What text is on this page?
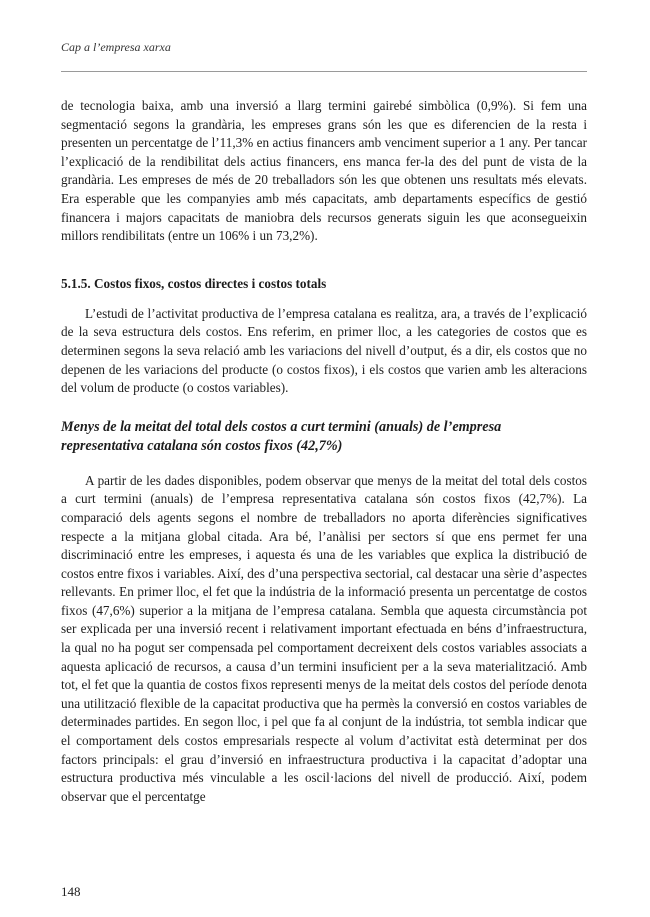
Cap a l’empresa xarxa

de tecnologia baixa, amb una inversió a llarg termini gairebé simbòlica (0,9%). Si fem una segmentació segons la grandària, les empreses grans són les que es diferencien de la resta i presenten un percentatge de l’11,3% en actius financers amb venciment superior a 1 any. Per tancar l’explicació de la rendibilitat dels actius financers, ens manca fer-la des del punt de vista de la grandària. Les empreses de més de 20 treballadors són les que obtenen uns resultats més elevats. Era esperable que les companyies amb més capacitats, amb departaments específics de gestió financera i majors capacitats de maniobra dels recursos generats siguin les que aconsegueixin millors rendibilitats (entre un 106% i un 73,2%).

5.1.5. Costos fixos, costos directes i costos totals

L’estudi de l’activitat productiva de l’empresa catalana es realitza, ara, a través de l’explicació de la seva estructura dels costos. Ens referim, en primer lloc, a les categories de costos que es determinen segons la seva relació amb les variacions del nivell d’output, és a dir, els costos que no depenen de les variacions del producte (o costos fixos), i els costos que varien amb les alteracions del volum de producte (o costos variables).

Menys de la meitat del total dels costos a curt termini (anuals) de l’empresa representativa catalana són costos fixos (42,7%)

A partir de les dades disponibles, podem observar que menys de la meitat del total dels costos a curt termini (anuals) de l’empresa representativa catalana són costos fixos (42,7%). La comparació dels agents segons el nombre de treballadors no aporta diferències significatives respecte a la mitjana global citada. Ara bé, l’anàlisi per sectors sí que ens permet fer una discriminació entre les empreses, i aquesta és una de les variables que explica la distribució de costos entre fixos i variables. Així, des d’una perspectiva sectorial, cal destacar una sèrie d’aspectes rellevants. En primer lloc, el fet que la indústria de la informació presenta un percentatge de costos fixos (47,6%) superior a la mitjana de l’empresa catalana. Sembla que aquesta circumstància pot ser explicada per una inversió recent i relativament important efectuada en béns d’infraestructura, la qual no ha pogut ser compensada pel comportament decreixent dels costos variables associats a aquesta aplicació de recursos, a causa d’un termini insuficient per a la seva materialització. Amb tot, el fet que la quantia de costos fixos representi menys de la meitat dels costos del període denota una utilització flexible de la capacitat productiva que ha permès la conversió en costos variables de determinades partides. En segon lloc, i pel que fa al conjunt de la indústria, tot sembla indicar que el comportament dels costos empresarials respecte al volum d’activitat està determinat per dos factors principals: el grau d’inversió en infraestructura productiva i la capacitat d’adoptar una estructura productiva més vinculable a les oscil·lacions del nivell de producció. Així, podem observar que el percentatge

148
